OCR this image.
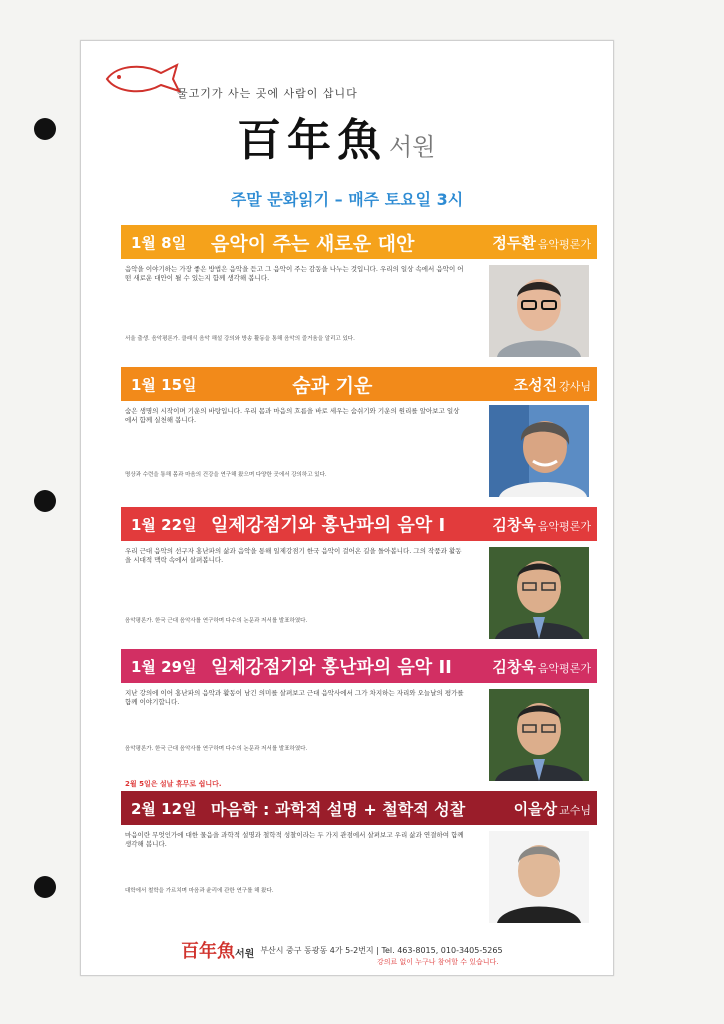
물고기가 사는 곳에 사람이 삽니다
百年魚서원
주말 문화읽기 – 매주 토요일 3시
1월 8일	음악이 주는 새로운 대안	정두환 음악평론가
음악을 이야기하는 가장 좋은 방법은 음악을 듣고 그 음악이 주는 감동을 나누는 것입니다. 우리의 일상 속에서 음악이 어떤 새로운 대안이 될 수 있는지 함께 생각해 봅니다.
서울 출생. 음악평론가. 클래식 음악 해설 강의와 방송 활동을 통해 음악의 즐거움을 알리고 있다.
1월 15일	숨과 기운	조성진 강사님
숨은 생명의 시작이며 기운의 바탕입니다. 우리 몸과 마음의 흐름을 바로 세우는 숨쉬기와 기운의 원리를 알아보고 일상에서 함께 실천해 봅니다.
명상과 수련을 통해 몸과 마음의 건강을 연구해 왔으며 다양한 곳에서 강의하고 있다.
1월 22일 일제강점기와 홍난파의 음악 I	김창욱 음악평론가
우리 근대 음악의 선구자 홍난파의 삶과 음악을 통해 일제강점기 한국 음악이 걸어온 길을 돌아봅니다. 그의 작품과 활동을 시대적 맥락 속에서 살펴봅니다.
음악평론가. 한국 근대 음악사를 연구하며 다수의 논문과 저서를 발표하였다.
1월 29일 일제강점기와 홍난파의 음악 II	김창욱 음악평론가
지난 강의에 이어 홍난파의 음악과 활동이 남긴 의미를 살펴보고 근대 음악사에서 그가 차지하는 자리와 오늘날의 평가를 함께 이야기합니다.
음악평론가. 한국 근대 음악사를 연구하며 다수의 논문과 저서를 발표하였다.
2월 5일은 설날 휴무로 쉽니다.
2월 12일 마음학 : 과학적 설명 + 철학적 성찰	이을상 교수님
마음이란 무엇인가에 대한 물음을 과학적 설명과 철학적 성찰이라는 두 가지 관점에서 살펴보고 우리 삶과 연결하여 함께 생각해 봅니다.
대학에서 철학을 가르치며 마음과 윤리에 관한 연구를 해 왔다.
百年魚서원 부산시 중구 동광동 4가 5-2번지 | Tel. 463-8015, 010-3405-5265
강의료 없이 누구나 참여할 수 있습니다.
